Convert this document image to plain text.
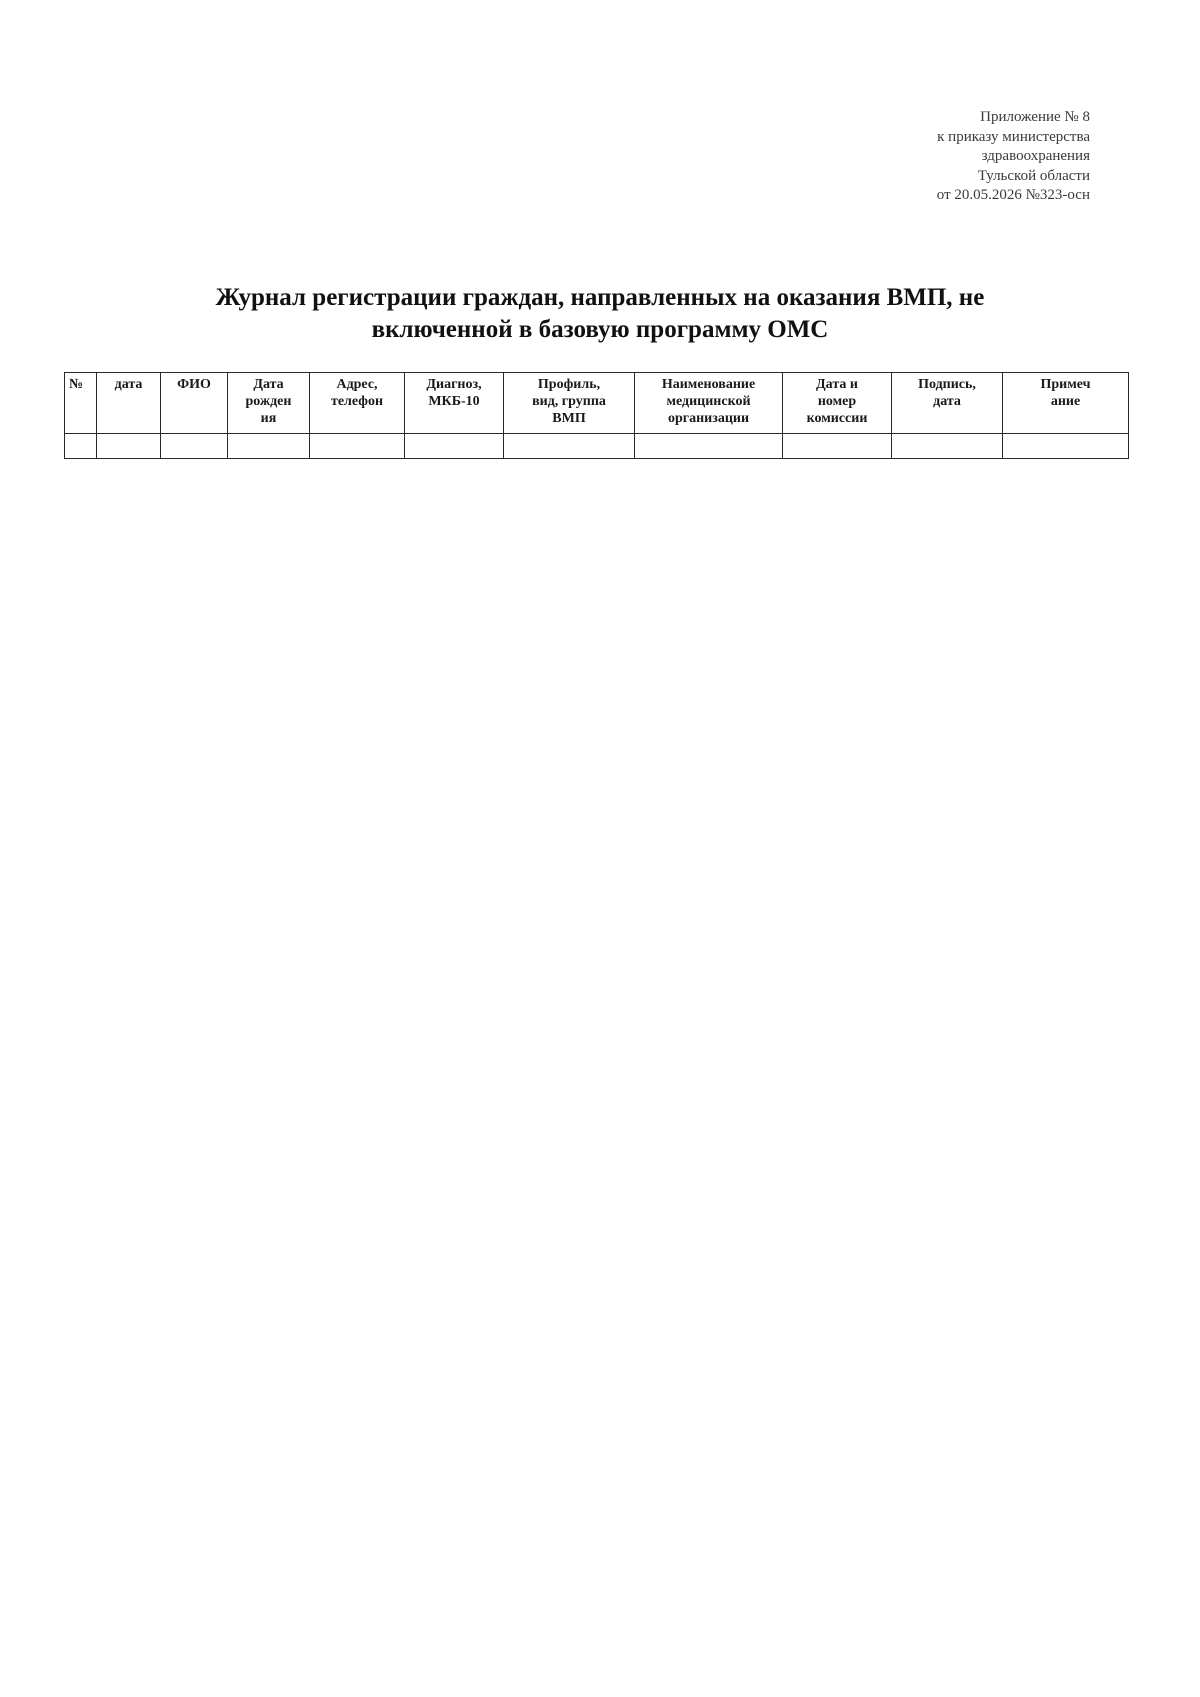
Приложение № 8
к приказу министерства
здравоохранения
Тульской области
от 20.05.2026 №323-осн
Журнал регистрации граждан, направленных на оказания ВМП, не
включенной в базовую программу ОМС
№	дата	ФИО	Дата
рожден
ия	Адрес,
телефон	Диагноз,
МКБ-10	Профиль,
вид, группа
ВМП	Наименование
медицинской
организации	Дата и
номер
комиссии	Подпись,
дата	Примеч
ание
